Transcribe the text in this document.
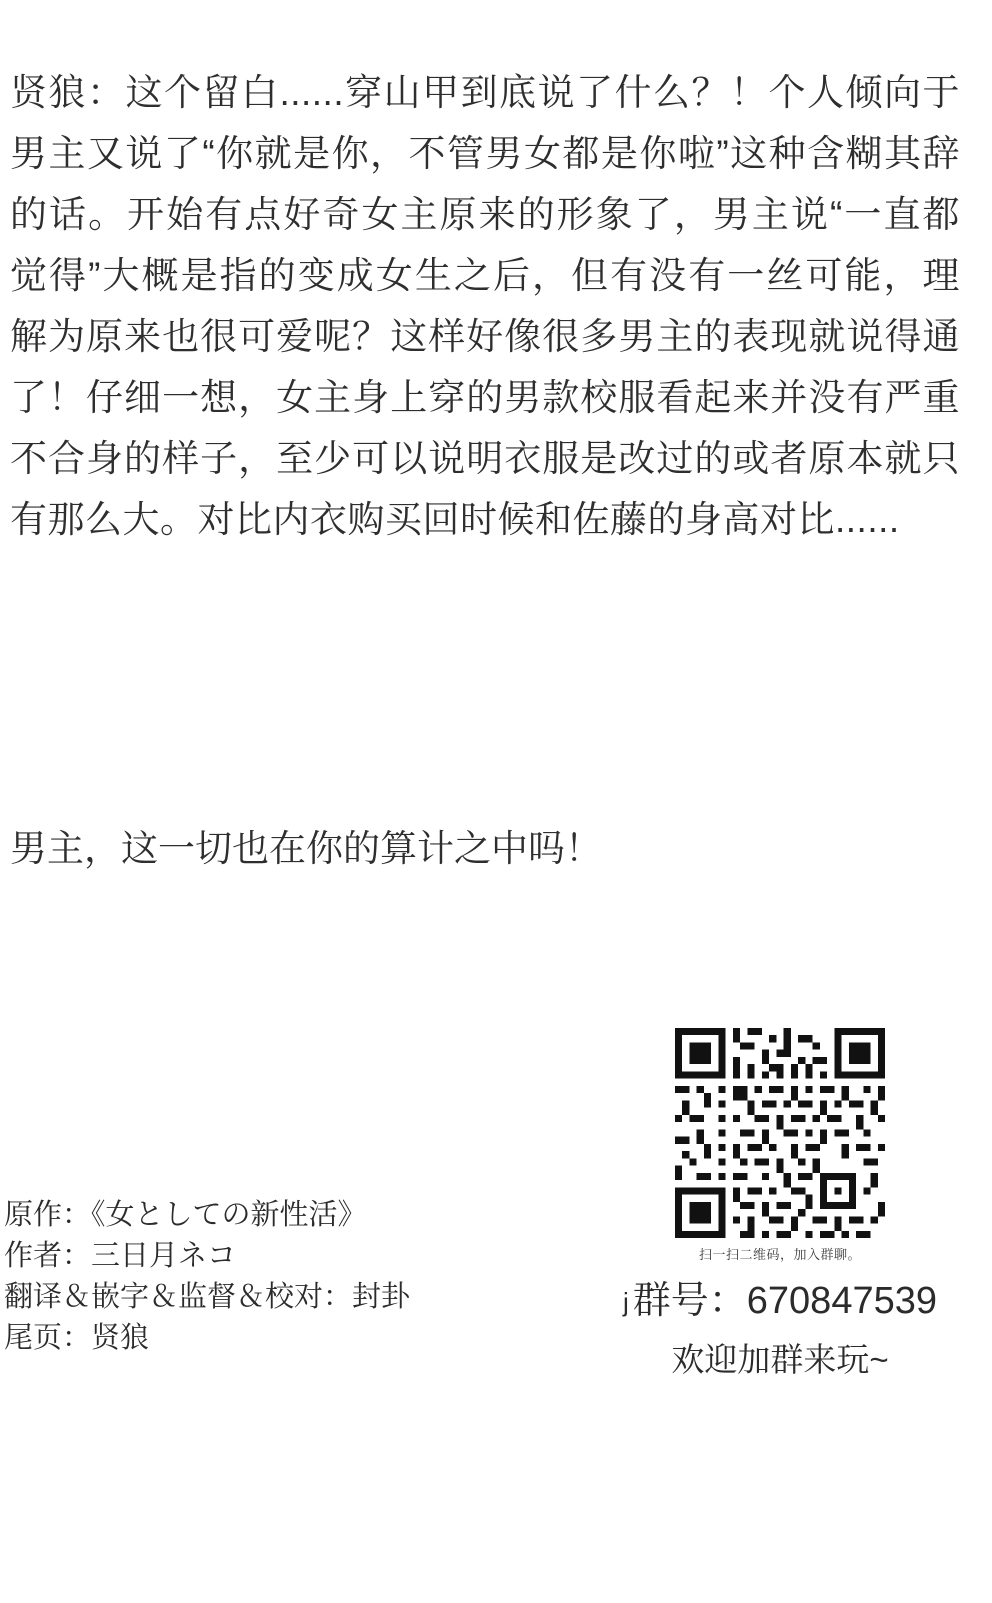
贤狼：这个留白......穿山甲到底说了什么？！个人倾向于男主又说了“你就是你，不管男女都是你啦”这种含糊其辞的话。开始有点好奇女主原来的形象了，男主说“一直都觉得”大概是指的变成女生之后，但有没有一丝可能，理解为原来也很可爱呢？这样好像很多男主的表现就说得通了！仔细一想，女主身上穿的男款校服看起来并没有严重不合身的样子，至少可以说明衣服是改过的或者原本就只有那么大。对比内衣购买回时候和佐藤的身高对比......
男主，这一切也在你的算计之中吗！
原作：《女としての新性活》
作者：三日月ネコ
翻译＆嵌字＆监督＆校对：封卦
尾页：贤狼
扫一扫二维码，加入群聊。
ϳ 群号：670847539
欢迎加群来玩~
